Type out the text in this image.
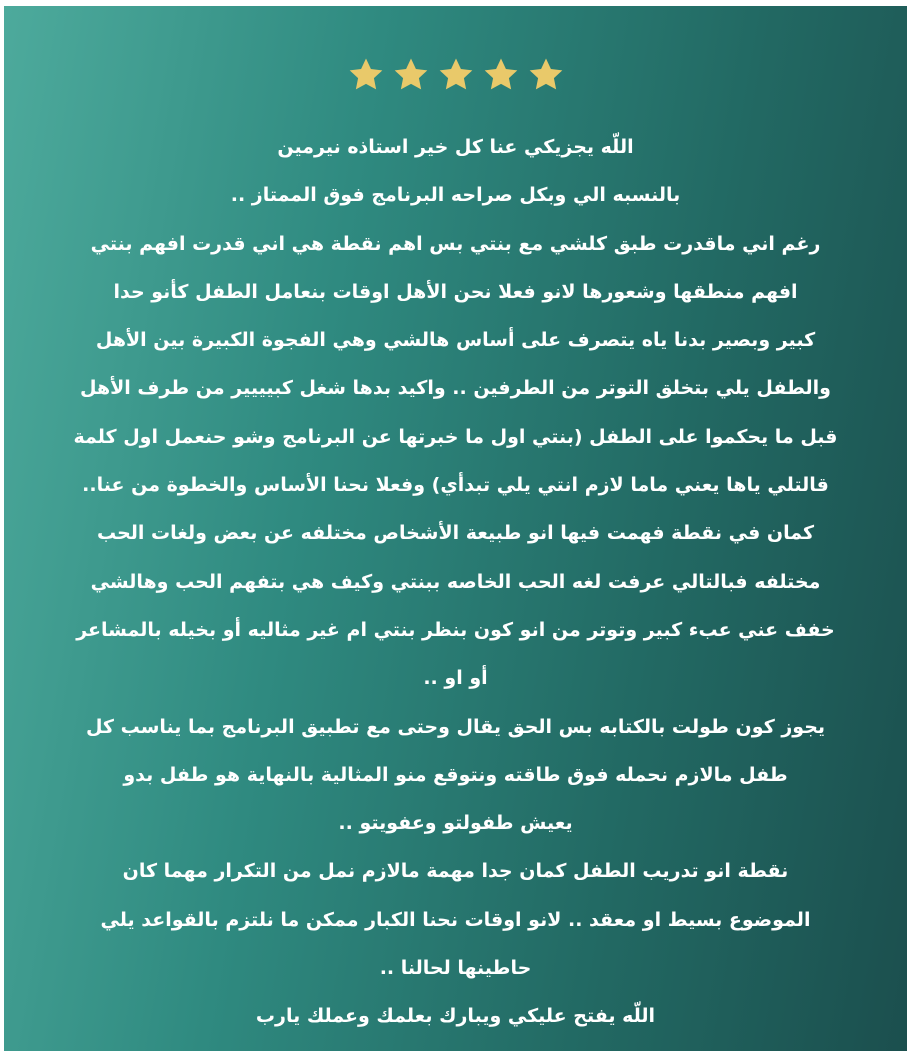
اللّه يجزيكي عنا كل خير استاذه نيرمين
بالنسبه الي وبكل صراحه البرنامج فوق الممتاز ..
رغم اني ماقدرت طبق كلشي مع بنتي بس اهم نقطة هي اني قدرت افهم بنتي
افهم منطقها وشعورها لانو فعلا نحن الأهل اوقات بنعامل الطفل كأنو حدا
كبير وبصير بدنا ياه يتصرف على أساس هالشي وهي الفجوة الكبيرة بين الأهل
والطفل يلي بتخلق التوتر من الطرفين .. واكيد بدها شغل كبيييير من طرف الأهل
قبل ما يحكموا على الطفل (بنتي اول ما خبرتها عن البرنامج وشو حنعمل اول كلمة
قالتلي ياها يعني ماما لازم انتي يلي تبدأي) وفعلا نحنا الأساس والخطوة من عنا..
كمان في نقطة فهمت فيها انو طبيعة الأشخاص مختلفه عن بعض ولغات الحب
مختلفه فبالتالي عرفت لغه الحب الخاصه ببنتي وكيف هي بتفهم الحب وهالشي
خفف عني عبء كبير وتوتر من انو كون بنظر بنتي ام غير مثاليه أو بخيله بالمشاعر
أو او ..
يجوز كون طولت بالكتابه بس الحق يقال وحتى مع تطبيق البرنامج بما يناسب كل
طفل مالازم نحمله فوق طاقته ونتوقع منو المثالية بالنهاية هو طفل بدو
يعيش طفولتو وعفويتو ..
نقطة انو تدريب الطفل كمان جدا مهمة مالازم نمل من التكرار مهما كان
الموضوع بسيط او معقد .. لانو اوقات نحنا الكبار ممكن ما نلتزم بالقواعد يلي
حاطينها لحالنا ..
اللّه يفتح عليكي ويبارك بعلمك وعملك يارب
